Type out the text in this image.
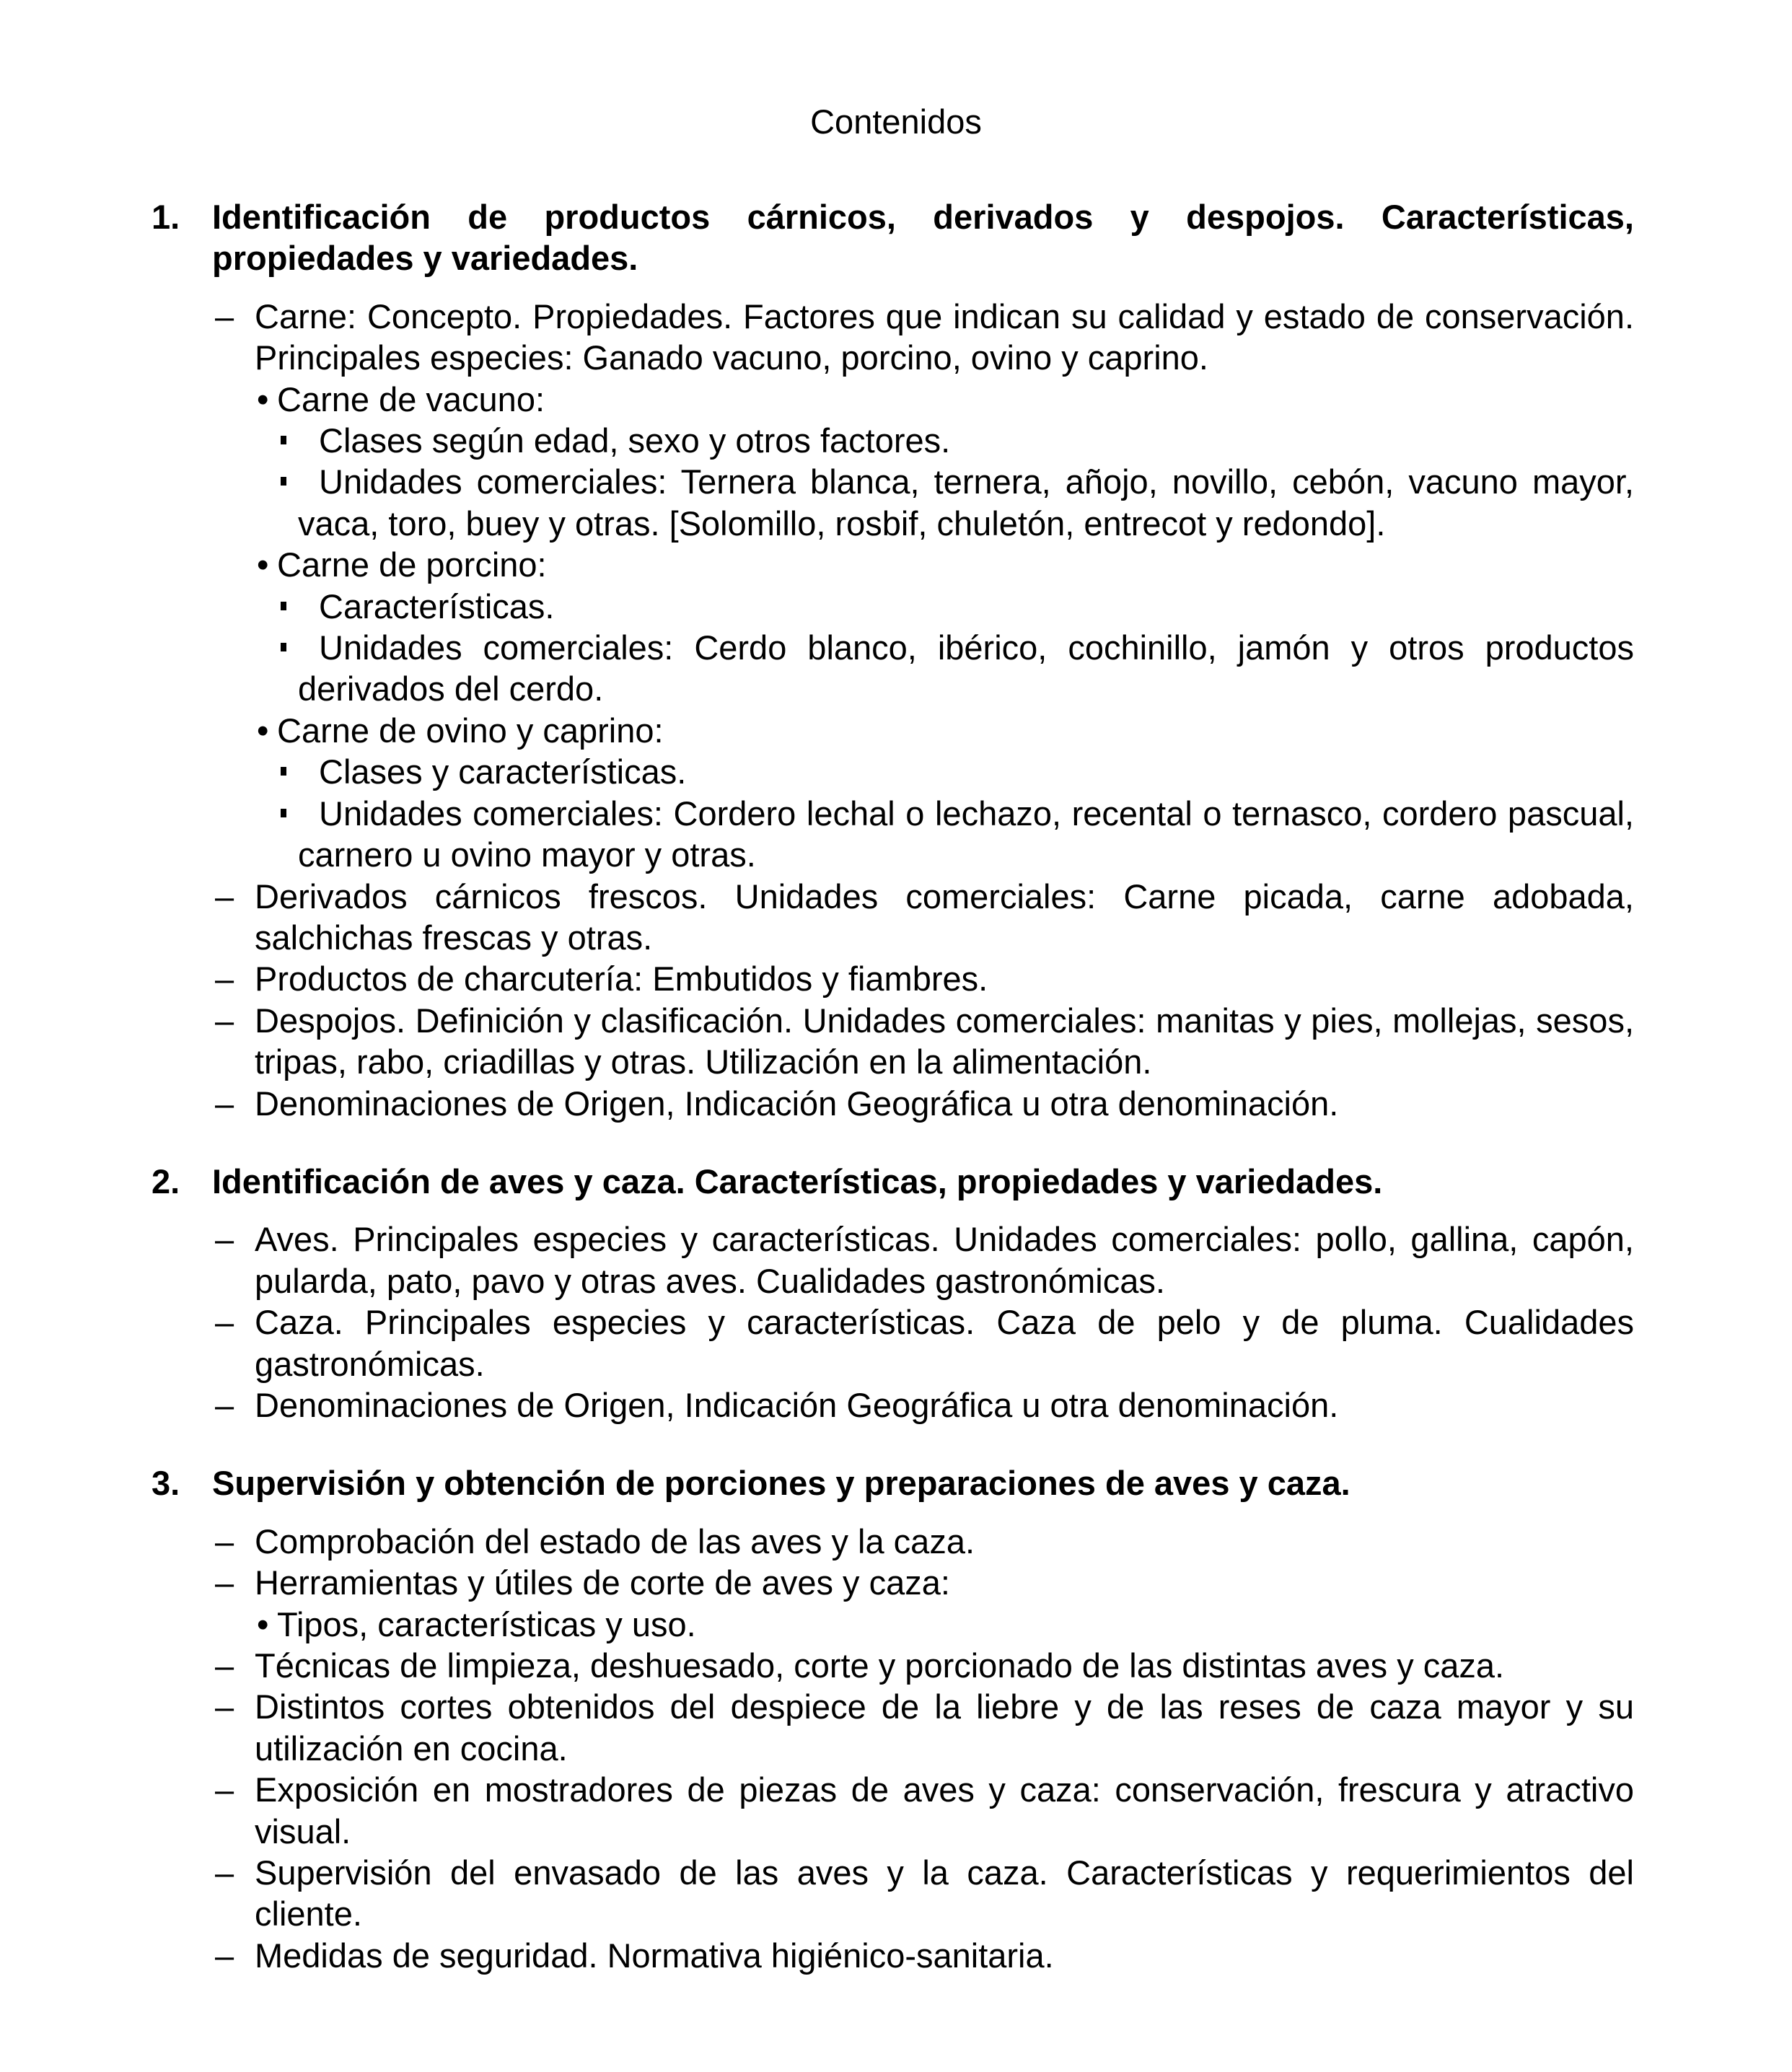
Contenidos
1. Identificación de productos cárnicos, derivados y despojos. Características, propiedades y variedades.
– Carne: Concepto. Propiedades. Factores que indican su calidad y estado de conservación. Principales especies: Ganado vacuno, porcino, ovino y caprino.
• Carne de vacuno:
Clases según edad, sexo y otros factores.
Unidades comerciales: Ternera blanca, ternera, añojo, novillo, cebón, vacuno mayor, vaca, toro, buey y otras. [Solomillo, rosbif, chuletón, entrecot y redondo].
• Carne de porcino:
Características.
Unidades comerciales: Cerdo blanco, ibérico, cochinillo, jamón y otros productos derivados del cerdo.
• Carne de ovino y caprino:
Clases y características.
Unidades comerciales: Cordero lechal o lechazo, recental o ternasco, cordero pascual, carnero u ovino mayor y otras.
– Derivados cárnicos frescos. Unidades comerciales: Carne picada, carne adobada, salchichas frescas y otras.
– Productos de charcutería: Embutidos y fiambres.
– Despojos. Definición y clasificación. Unidades comerciales: manitas y pies, mollejas, sesos, tripas, rabo, criadillas y otras. Utilización en la alimentación.
– Denominaciones de Origen, Indicación Geográfica u otra denominación.
2. Identificación de aves y caza. Características, propiedades y variedades.
– Aves. Principales especies y características. Unidades comerciales: pollo, gallina, capón, pularda, pato, pavo y otras aves. Cualidades gastronómicas.
– Caza. Principales especies y características. Caza de pelo y de pluma. Cualidades gastronómicas.
– Denominaciones de Origen, Indicación Geográfica u otra denominación.
3. Supervisión y obtención de porciones y preparaciones de aves y caza.
– Comprobación del estado de las aves y la caza.
– Herramientas y útiles de corte de aves y caza:
• Tipos, características y uso.
– Técnicas de limpieza, deshuesado, corte y porcionado de las distintas aves y caza.
– Distintos cortes obtenidos del despiece de la liebre y de las reses de caza mayor y su utilización en cocina.
– Exposición en mostradores de piezas de aves y caza: conservación, frescura y atractivo visual.
– Supervisión del envasado de las aves y la caza. Características y requerimientos del cliente.
– Medidas de seguridad. Normativa higiénico-sanitaria.
